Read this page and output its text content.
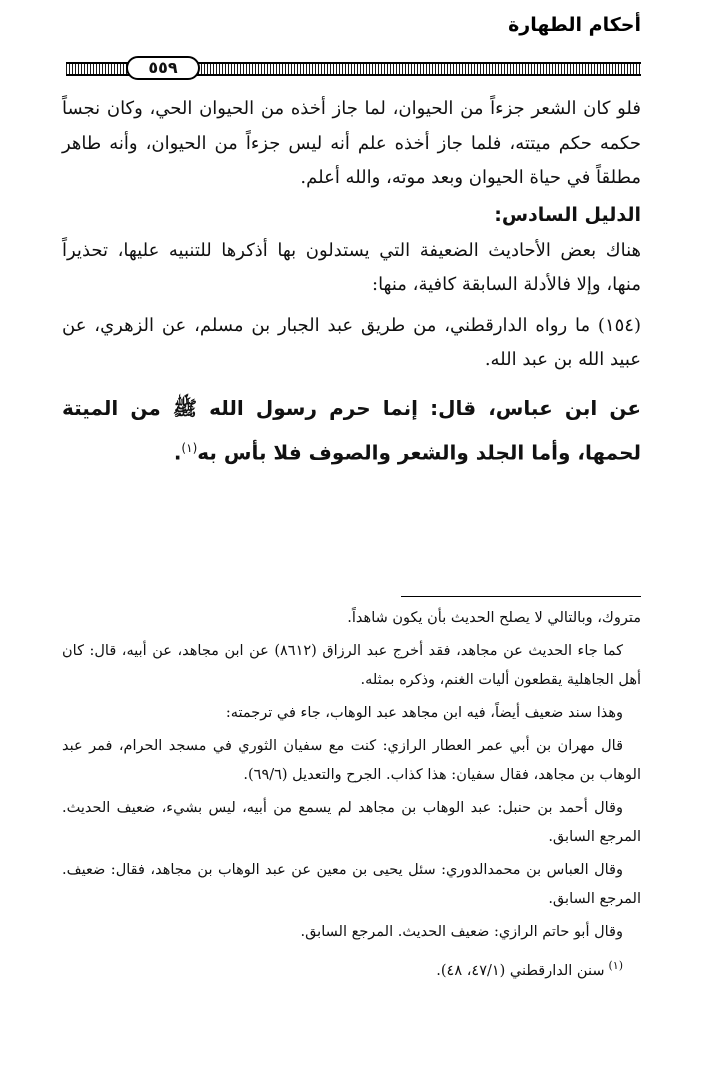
أحكام الطهارة
٥٥٩

فلو كان الشعر جزءاً من الحيوان، لما جاز أخذه من الحيوان الحي، وكان نجساً حكمه حكم ميتته، فلما جاز أخذه علم أنه ليس جزءاً من الحيوان، وأنه طاهر مطلقاً في حياة الحيوان وبعد موته، والله أعلم.

الدليل السادس:

هناك بعض الأحاديث الضعيفة التي يستدلون بها أذكرها للتنبيه عليها، تحذيراً منها، وإلا فالأدلة السابقة كافية، منها:

(١٥٤) ما رواه الدارقطني، من طريق عبد الجبار بن مسلم، عن الزهري، عن عبيد الله بن عبد الله.

عن ابن عباس، قال: إنما حرم رسول الله ﷺ من الميتة لحمها، وأما الجلد والشعر والصوف فلا بأس به$^{(١)}$.

متروك، وبالتالي لا يصلح الحديث بأن يكون شاهداً.

كما جاء الحديث عن مجاهد، فقد أخرج عبد الرزاق (٨٦١٢) عن ابن مجاهد، عن أبيه، قال: كان أهل الجاهلية يقطعون أليات الغنم، وذكره بمثله.

وهذا سند ضعيف أيضاً، فيه ابن مجاهد عبد الوهاب، جاء في ترجمته:

قال مهران بن أبي عمر العطار الرازي: كنت مع سفيان الثوري في مسجد الحرام، فمر عبد الوهاب بن مجاهد، فقال سفيان: هذا كذاب. الجرح والتعديل (٦٩/٦).

وقال أحمد بن حنبل: عبد الوهاب بن مجاهد لم يسمع من أبيه، ليس بشيء، ضعيف الحديث. المرجع السابق.

وقال العباس بن محمدالدوري: سئل يحيى بن معين عن عبد الوهاب بن مجاهد، فقال: ضعيف. المرجع السابق.

وقال أبو حاتم الرازي: ضعيف الحديث. المرجع السابق.

$^{(١)}$سنن الدارقطني (٤٧/١، ٤٨).
